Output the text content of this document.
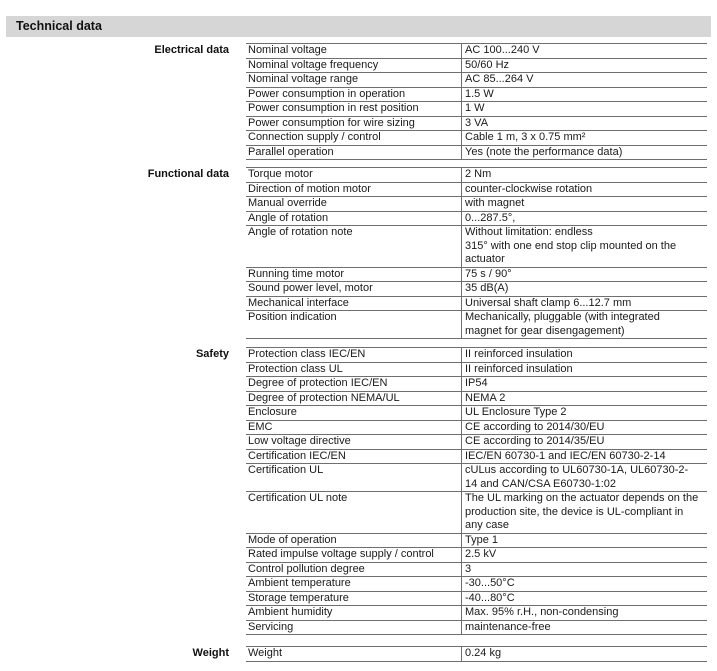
Technical data
Electrical data Nominal voltage	AC 100...240 V
Nominal voltage frequency	50/60 Hz
Nominal voltage range	AC 85...264 V
Power consumption in operation	1.5 W
Power consumption in rest position	1 W
Power consumption for wire sizing	3 VA
Connection supply / control	Cable 1 m, 3 x 0.75 mm²
Parallel operation	Yes (note the performance data)
Functional data Torque motor	2 Nm
Direction of motion motor	counter-clockwise rotation
Manual override	with magnet
Angle of rotation	0...287.5°,
Angle of rotation note	Without limitation: endless
315° with one end stop clip mounted on the
actuator
Running time motor	75 s / 90°
Sound power level, motor	35 dB(A)
Mechanical interface	Universal shaft clamp 6...12.7 mm
Position indication	Mechanically, pluggable (with integrated
magnet for gear disengagement)
Safety Protection class IEC/EN	II reinforced insulation
Protection class UL	II reinforced insulation
Degree of protection IEC/EN	IP54
Degree of protection NEMA/UL	NEMA 2
Enclosure	UL Enclosure Type 2
EMC	CE according to 2014/30/EU
Low voltage directive	CE according to 2014/35/EU
Certification IEC/EN	IEC/EN 60730-1 and IEC/EN 60730-2-14
Certification UL	cULus according to UL60730-1A, UL60730-2-
14 and CAN/CSA E60730-1:02
Certification UL note	The UL marking on the actuator depends on the
production site, the device is UL-compliant in
any case
Mode of operation	Type 1
Rated impulse voltage supply / control	2.5 kV
Control pollution degree	3
Ambient temperature	-30...50°C
Storage temperature	-40...80°C
Ambient humidity	Max. 95% r.H., non-condensing
Servicing	maintenance-free
Weight Weight	0.24 kg
